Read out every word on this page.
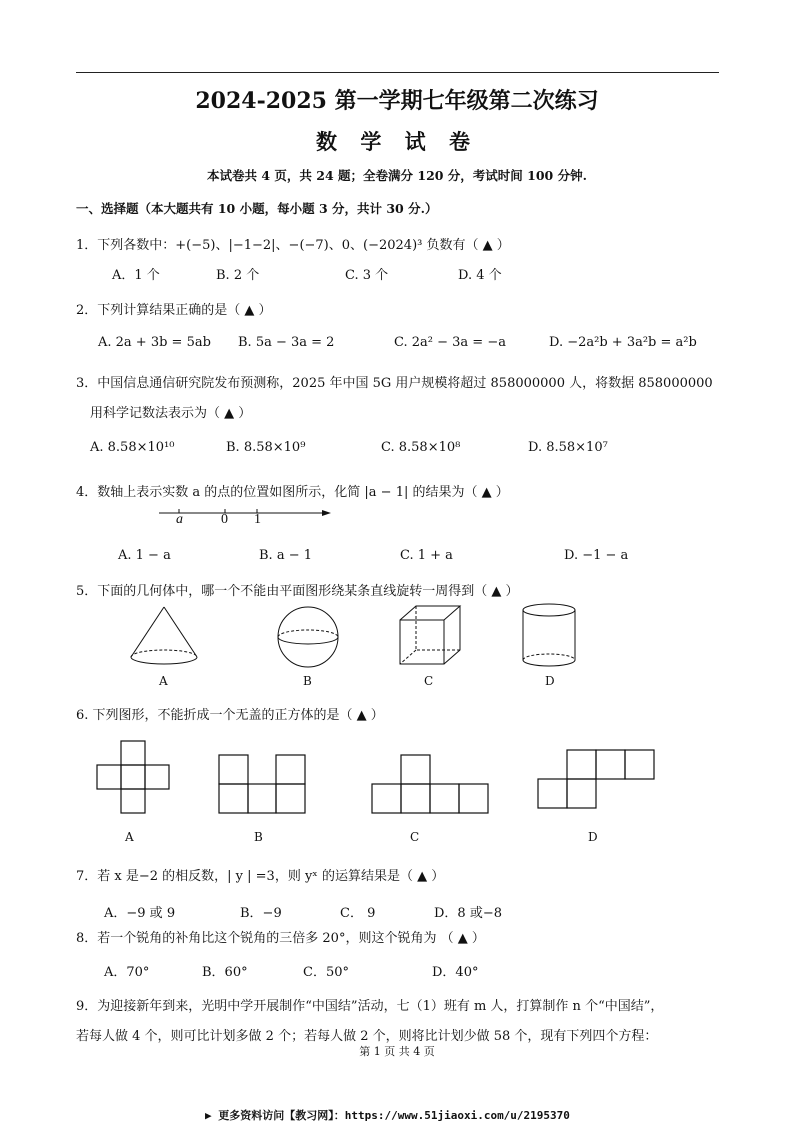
2024-2025 第一学期七年级第二次练习
数 学 试 卷
本试卷共 4 页，共 24 题；全卷满分 120 分，考试时间 100 分钟.
一、选择题（本大题共有 10 小题，每小题 3 分，共计 30 分.）
1．下列各数中：+(−5)、|−1−2|、−(−7)、0、(−2024)³ 负数有（ ▲ ）
A．1 个	B. 2 个	C. 3 个	D. 4 个
2．下列计算结果正确的是（ ▲ ）
A. 2a + 3b = 5ab B. 5a − 3a = 2	C. 2a² − 3a = −a	D. −2a²b + 3a²b = a²b
3．中国信息通信研究院发布预测称，2025 年中国 5G 用户规模将超过 858000000 人，将数据 858000000
用科学记数法表示为（ ▲ ）
A. 8.58×10¹⁰	B. 8.58×10⁹	C. 8.58×10⁸	D. 8.58×10⁷
4．数轴上表示实数 a 的点的位置如图所示，化简 |a − 1| 的结果为（ ▲ ）
a	0 1
A. 1 − a	B. a − 1	C. 1 + a	D. −1 − a
5．下面的几何体中，哪一个不能由平面图形绕某条直线旋转一周得到（ ▲ ）
A	B	C	D
6. 下列图形，不能折成一个无盖的正方体的是（ ▲ ）
A	B	C	D
7．若 x 是−2 的相反数，| y | =3，则 yˣ 的运算结果是（ ▲ ）
A．−9 或 9	B．−9	C． 9	D．8 或−8
8．若一个锐角的补角比这个锐角的三倍多 20°，则这个锐角为 （ ▲ ）
A．70°	B．60°	C．50°	D．40°
9．为迎接新年到来，光明中学开展制作“中国结”活动，七（1）班有 m 人，打算制作 n 个“中国结”，
若每人做 4 个，则可比计划多做 2 个；若每人做 2 个，则将比计划少做 58 个，现有下列四个方程：
第 1 页 共 4 页
▶ 更多资料访问【教习网】：https://www.51jiaoxi.com/u/2195370
